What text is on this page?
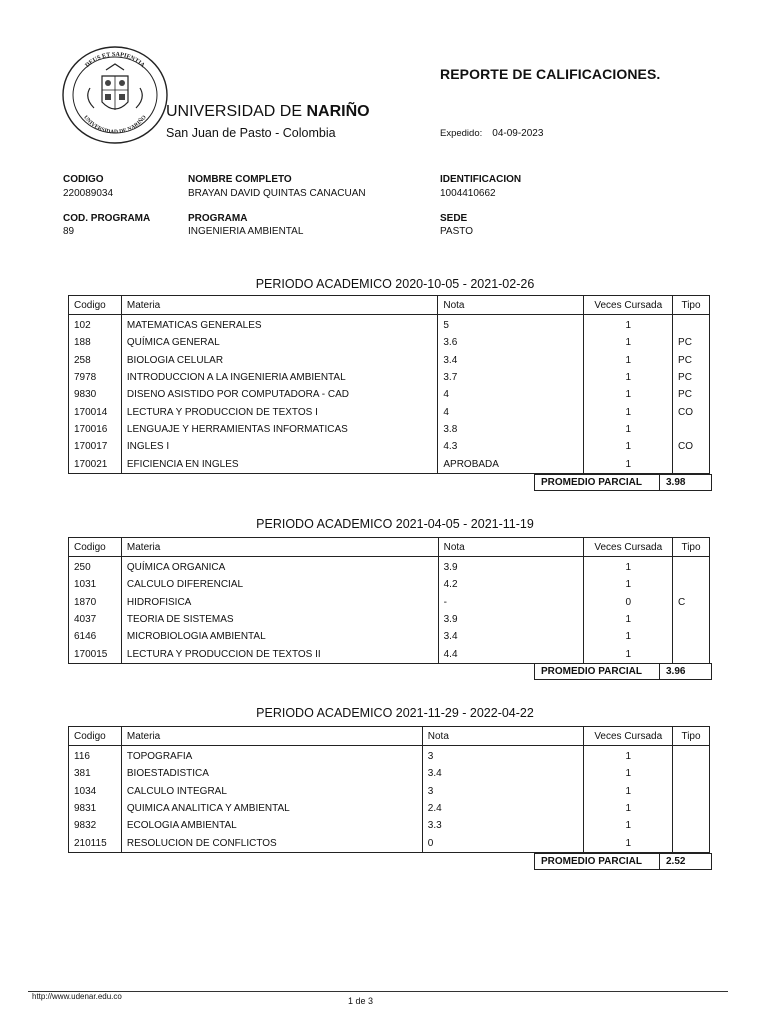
DEUS ET SAPIENTIA
UNIVERSIDAD DE NARIÑO
REPORTE DE CALIFICACIONES.
UNIVERSIDAD DE NARIÑO
San Juan de Pasto - Colombia	Expedido: 04-09-2023
CODIGO
220089034
NOMBRE COMPLETO
BRAYAN DAVID QUINTAS CANACUAN
IDENTIFICACION
1004410662
COD. PROGRAMA
89
PROGRAMA
INGENIERIA AMBIENTAL
SEDE
PASTO
PERIODO ACADEMICO 2020-10-05 - 2021-02-26
Codigo	Materia	Nota	Veces Cursada	Tipo
102	MATEMATICAS GENERALES	5	1	
188	QUÍMICA GENERAL	3.6	1	PC
258	BIOLOGIA CELULAR	3.4	1	PC
7978	INTRODUCCION A LA INGENIERIA AMBIENTAL	3.7	1	PC
9830	DISENO ASISTIDO POR COMPUTADORA - CAD	4	1	PC
170014	LECTURA Y PRODUCCION DE TEXTOS I	4	1	CO
170016	LENGUAJE Y HERRAMIENTAS INFORMATICAS	3.8	1	
170017	INGLES I	4.3	1	CO
170021	EFICIENCIA EN INGLES	APROBADA	1	
PROMEDIO PARCIAL	3.98
PERIODO ACADEMICO 2021-04-05 - 2021-11-19
Codigo	Materia	Nota	Veces Cursada	Tipo
250	QUÍMICA ORGANICA	3.9	1	
1031	CALCULO DIFERENCIAL	4.2	1	
1870	HIDROFISICA	-	0	C
4037	TEORIA DE SISTEMAS	3.9	1	
6146	MICROBIOLOGIA AMBIENTAL	3.4	1	
170015	LECTURA Y PRODUCCION DE TEXTOS II	4.4	1	
PROMEDIO PARCIAL	3.96
PERIODO ACADEMICO 2021-11-29 - 2022-04-22
Codigo	Materia	Nota	Veces Cursada	Tipo
116	TOPOGRAFIA	3	1	
381	BIOESTADISTICA	3.4	1	
1034	CALCULO INTEGRAL	3	1	
9831	QUIMICA ANALITICA Y AMBIENTAL	2.4	1	
9832	ECOLOGIA AMBIENTAL	3.3	1	
210115	RESOLUCION DE CONFLICTOS	0	1	
PROMEDIO PARCIAL	2.52
http://www.udenar.edu.co	1 de 3
